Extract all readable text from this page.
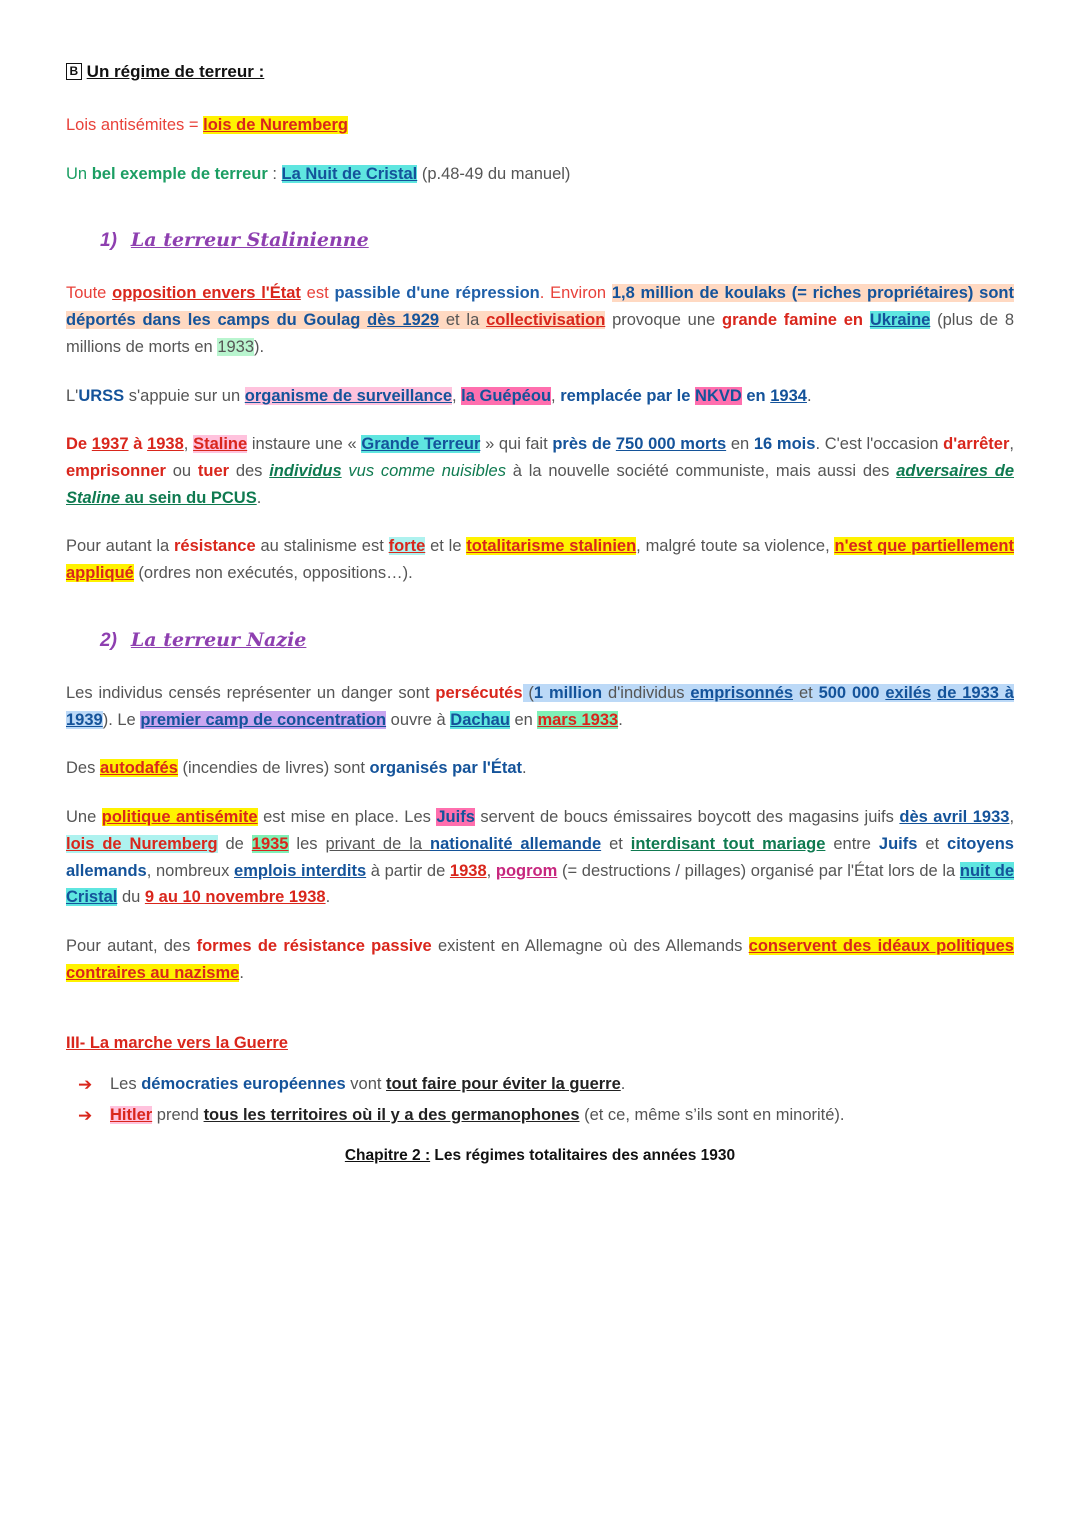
B Un régime de terreur :

Lois antisémites = lois de Nuremberg

Un bel exemple de terreur : La Nuit de Cristal (p.48-49 du manuel)

1) La terreur Stalinienne

Toute opposition envers l'État est passible d'une répression. Environ 1,8 million de koulaks (= riches propriétaires) sont déportés dans les camps du Goulag dès 1929 et la collectivisation provoque une grande famine en Ukraine (plus de 8 millions de morts en 1933).

L'URSS s'appuie sur un organisme de surveillance, la Guépéou, remplacée par le NKVD en 1934.

De 1937 à 1938, Staline instaure une « Grande Terreur » qui fait près de 750 000 morts en 16 mois. C'est l'occasion d'arrêter, emprisonner ou tuer des individus vus comme nuisibles à la nouvelle société communiste, mais aussi des adversaires de Staline au sein du PCUS.

Pour autant la résistance au stalinisme est forte et le totalitarisme stalinien, malgré toute sa violence, n'est que partiellement appliqué (ordres non exécutés, oppositions…).

2) La terreur Nazie

Les individus censés représenter un danger sont persécutés (1 million d'individus emprisonnés et 500 000 exilés de 1933 à 1939). Le premier camp de concentration ouvre à Dachau en mars 1933.

Des autodafés (incendies de livres) sont organisés par l'État.

Une politique antisémite est mise en place. Les Juifs servent de boucs émissaires boycott des magasins juifs dès avril 1933, lois de Nuremberg de 1935 les privant de la nationalité allemande et interdisant tout mariage entre Juifs et citoyens allemands, nombreux emplois interdits à partir de 1938, pogrom (= destructions / pillages) organisé par l'État lors de la nuit de Cristal du 9 au 10 novembre 1938.

Pour autant, des formes de résistance passive existent en Allemagne où des Allemands conservent des idéaux politiques contraires au nazisme.

III- La marche vers la Guerre
➔ Les démocraties européennes vont tout faire pour éviter la guerre.
➔ Hitler prend tous les territoires où il y a des germanophones (et ce, même s’ils sont en minorité).
Chapitre 2 : Les régimes totalitaires des années 1930
